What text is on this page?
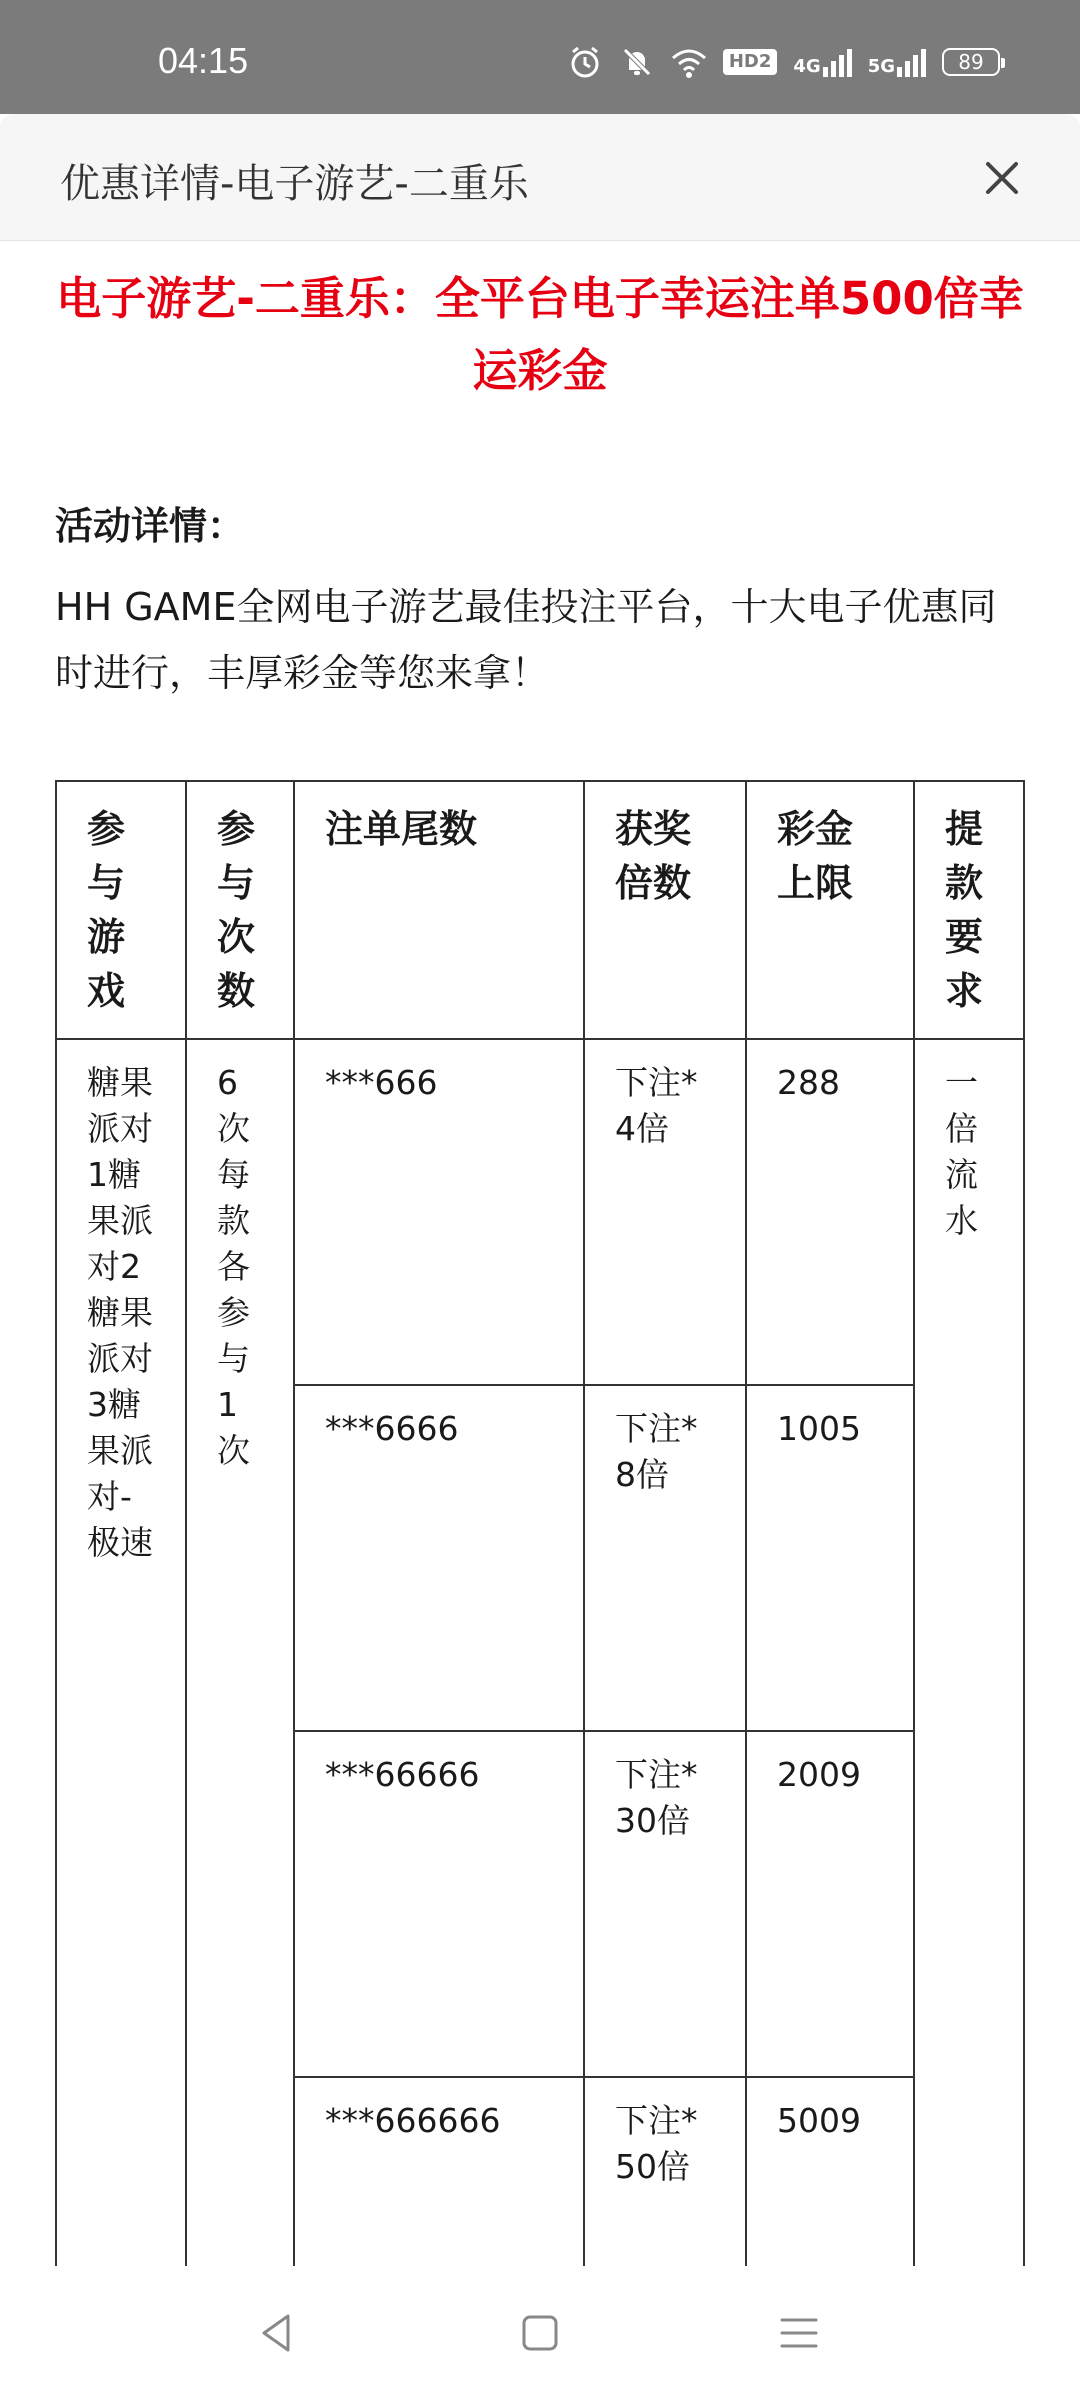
04:15	HD2	4G	5G	89
优惠详情-电子游艺-二重乐
电子游艺-二重乐：全平台电子幸运注单500倍幸运彩金
活动详情：
HH GAME全网电子游艺最佳投注平台，十大电子优惠同时进行，丰厚彩金等您来拿！
参与游戏	参与次数	注单尾数	获奖倍数	彩金上限	提款要求
糖果派对1糖果派对2糖果派对3糖果派对-极速	6次每款各参与1次	***666	下注*4倍	288	一倍流水
		***6666	下注*8倍	1005	
		***66666	下注*30倍	2009	
		***666666	下注*50倍	5009	
